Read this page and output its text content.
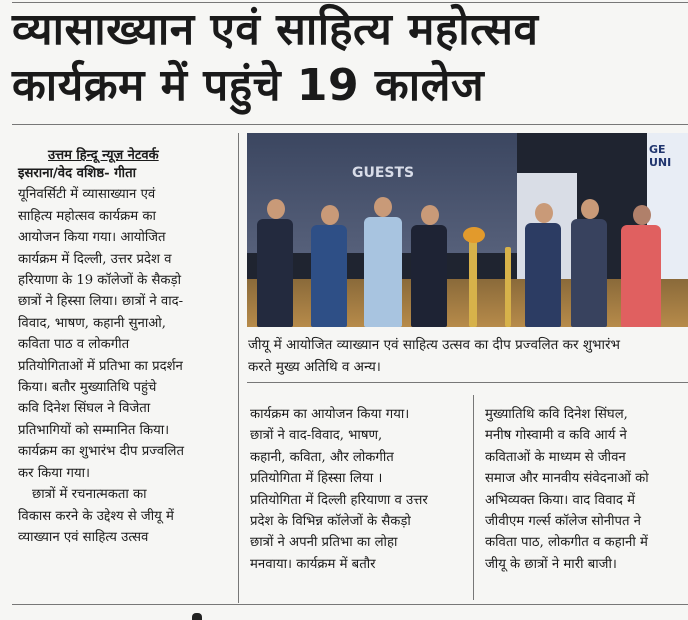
व्यासाख्यान एवं साहित्य महोत्सव
कार्यक्रम में पहुंचे 19 कालेज
उत्तम हिन्दू न्यूज़ नेटवर्क

इसराना/वेद वशिष्ठ- गीता

यूनिवर्सिटी में व्यासाख्यान एवं

साहित्य महोत्सव कार्यक्रम का

आयोजन किया गया। आयोजित

कार्यक्रम में दिल्ली, उत्तर प्रदेश व

हरियाणा के 19 कॉलेजों के सैकड़ो

छात्रों ने हिस्सा लिया। छात्रों ने वाद-

विवाद, भाषण, कहानी सुनाओ,

कविता पाठ व लोकगीत

प्रतियोगिताओं में प्रतिभा का प्रदर्शन

किया। बतौर मुख्यातिथि पहुंचे

कवि दिनेश सिंघल ने विजेता

प्रतिभागियों को सम्मानित किया।

कार्यक्रम का शुभारंभ दीप प्रज्वलित

कर किया गया।

छात्रों में रचनात्मकता का

विकास करने के उद्देश्य से जीयू में

व्याख्यान एवं साहित्य उत्सव

GUESTS
GE UNI
जीयू में आयोजित व्याख्यान एवं साहित्य उत्सव का दीप प्रज्वलित कर शुभारंभ
करते मुख्य अतिथि व अन्य।

कार्यक्रम का आयोजन किया गया।

छात्रों ने वाद-विवाद, भाषण,

कहानी, कविता, और लोकगीत

प्रतियोगिता में हिस्सा लिया ।

प्रतियोगिता में दिल्ली हरियाणा व उत्तर

प्रदेश के विभिन्न कॉलेजों के सैकड़ो

छात्रों ने अपनी प्रतिभा का लोहा

मनवाया। कार्यक्रम में बतौर

मुख्यातिथि कवि दिनेश सिंघल,

मनीष गोस्वामी व कवि आर्य ने

कविताओं के माध्यम से जीवन

समाज और मानवीय संवेदनाओं को

अभिव्यक्त किया। वाद विवाद में

जीवीएम गर्ल्स कॉलेज सोनीपत ने

कविता पाठ, लोकगीत व कहानी में

जीयू के छात्रों ने मारी बाजी।
